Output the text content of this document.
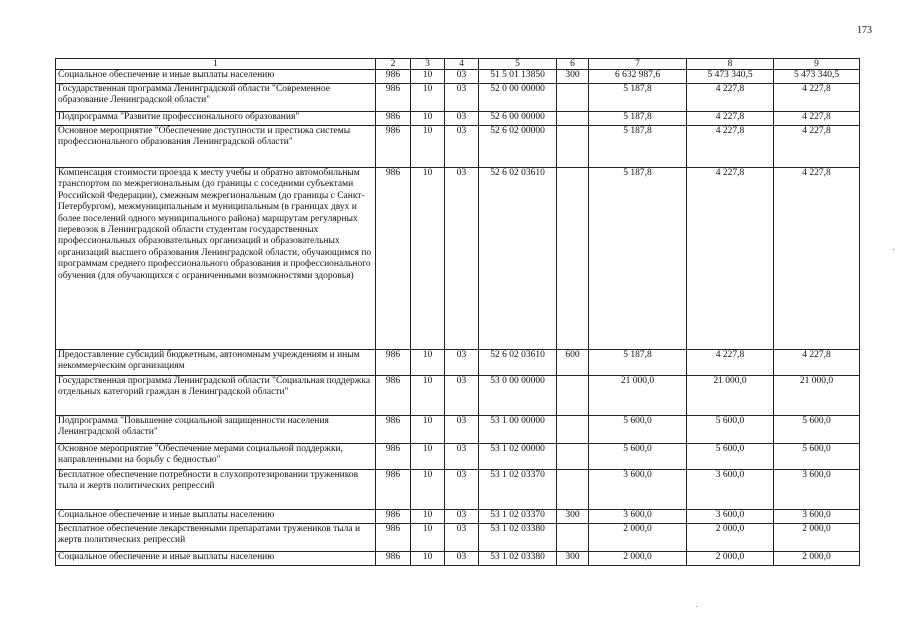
173
1	2	3	4	5	6	7	8	9
Социальное обеспечение и иные выплаты населению	986	10	03	51 5 01 13850	300	6 632 987,6	5 473 340,5	5 473 340,5
Государственная программа Ленинградской области "Современное образование Ленинградской области"	986	10	03	52 0 00 00000		5 187,8	4 227,8	4 227,8
Подпрограмма "Развитие профессионального образования"	986	10	03	52 6 00 00000		5 187,8	4 227,8	4 227,8
Основное мероприятие "Обеспечение доступности и престижа системы профессионального образования Ленинградской области"	986	10	03	52 6 02 00000		5 187,8	4 227,8	4 227,8
Компенсация стоимости проезда к месту учебы и обратно автомобильным транспортом по межрегиональным (до границы с соседними субъектами Российской Федерации), смежным межрегиональным (до границы с Санкт-Петербургом), межмуниципальным и муниципальным (в границах двух и более поселений одного муниципального района) маршрутам регулярных перевозок в Ленинградской области студентам государственных профессиональных образовательных организаций и образовательных организаций высшего образования Ленинградской области, обучающимся по программам среднего профессионального образования и профессионального обучения (для обучающихся с ограниченными возможностями здоровья)	986	10	03	52 6 02 03610		5 187,8	4 227,8	4 227,8
Предоставление субсидий бюджетным, автономным учреждениям и иным некоммерческим организациям	986	10	03	52 6 02 03610	600	5 187,8	4 227,8	4 227,8
Государственная программа Ленинградской области "Социальная поддержка отдельных категорий граждан в Ленинградской области"	986	10	03	53 0 00 00000		21 000,0	21 000,0	21 000,0
Подпрограмма "Повышение социальной защищенности населения Ленинградской области"	986	10	03	53 1 00 00000		5 600,0	5 600,0	5 600,0
Основное мероприятие "Обеспечение мерами социальной поддержки, направленными на борьбу с бедностью"	986	10	03	53 1 02 00000		5 600,0	5 600,0	5 600,0
Бесплатное обеспечение потребности в слухопротезировании тружеников тыла и жертв политических репрессий	986	10	03	53 1 02 03370		3 600,0	3 600,0	3 600,0
Социальное обеспечение и иные выплаты населению	986	10	03	53 1 02 03370	300	3 600,0	3 600,0	3 600,0
Бесплатное обеспечение лекарственными препаратами тружеников тыла и жертв политических репрессий	986	10	03	53 1 02 03380		2 000,0	2 000,0	2 000,0
Социальное обеспечение и иные выплаты населению	986	10	03	53 1 02 03380	300	2 000,0	2 000,0	2 000,0
·
·
